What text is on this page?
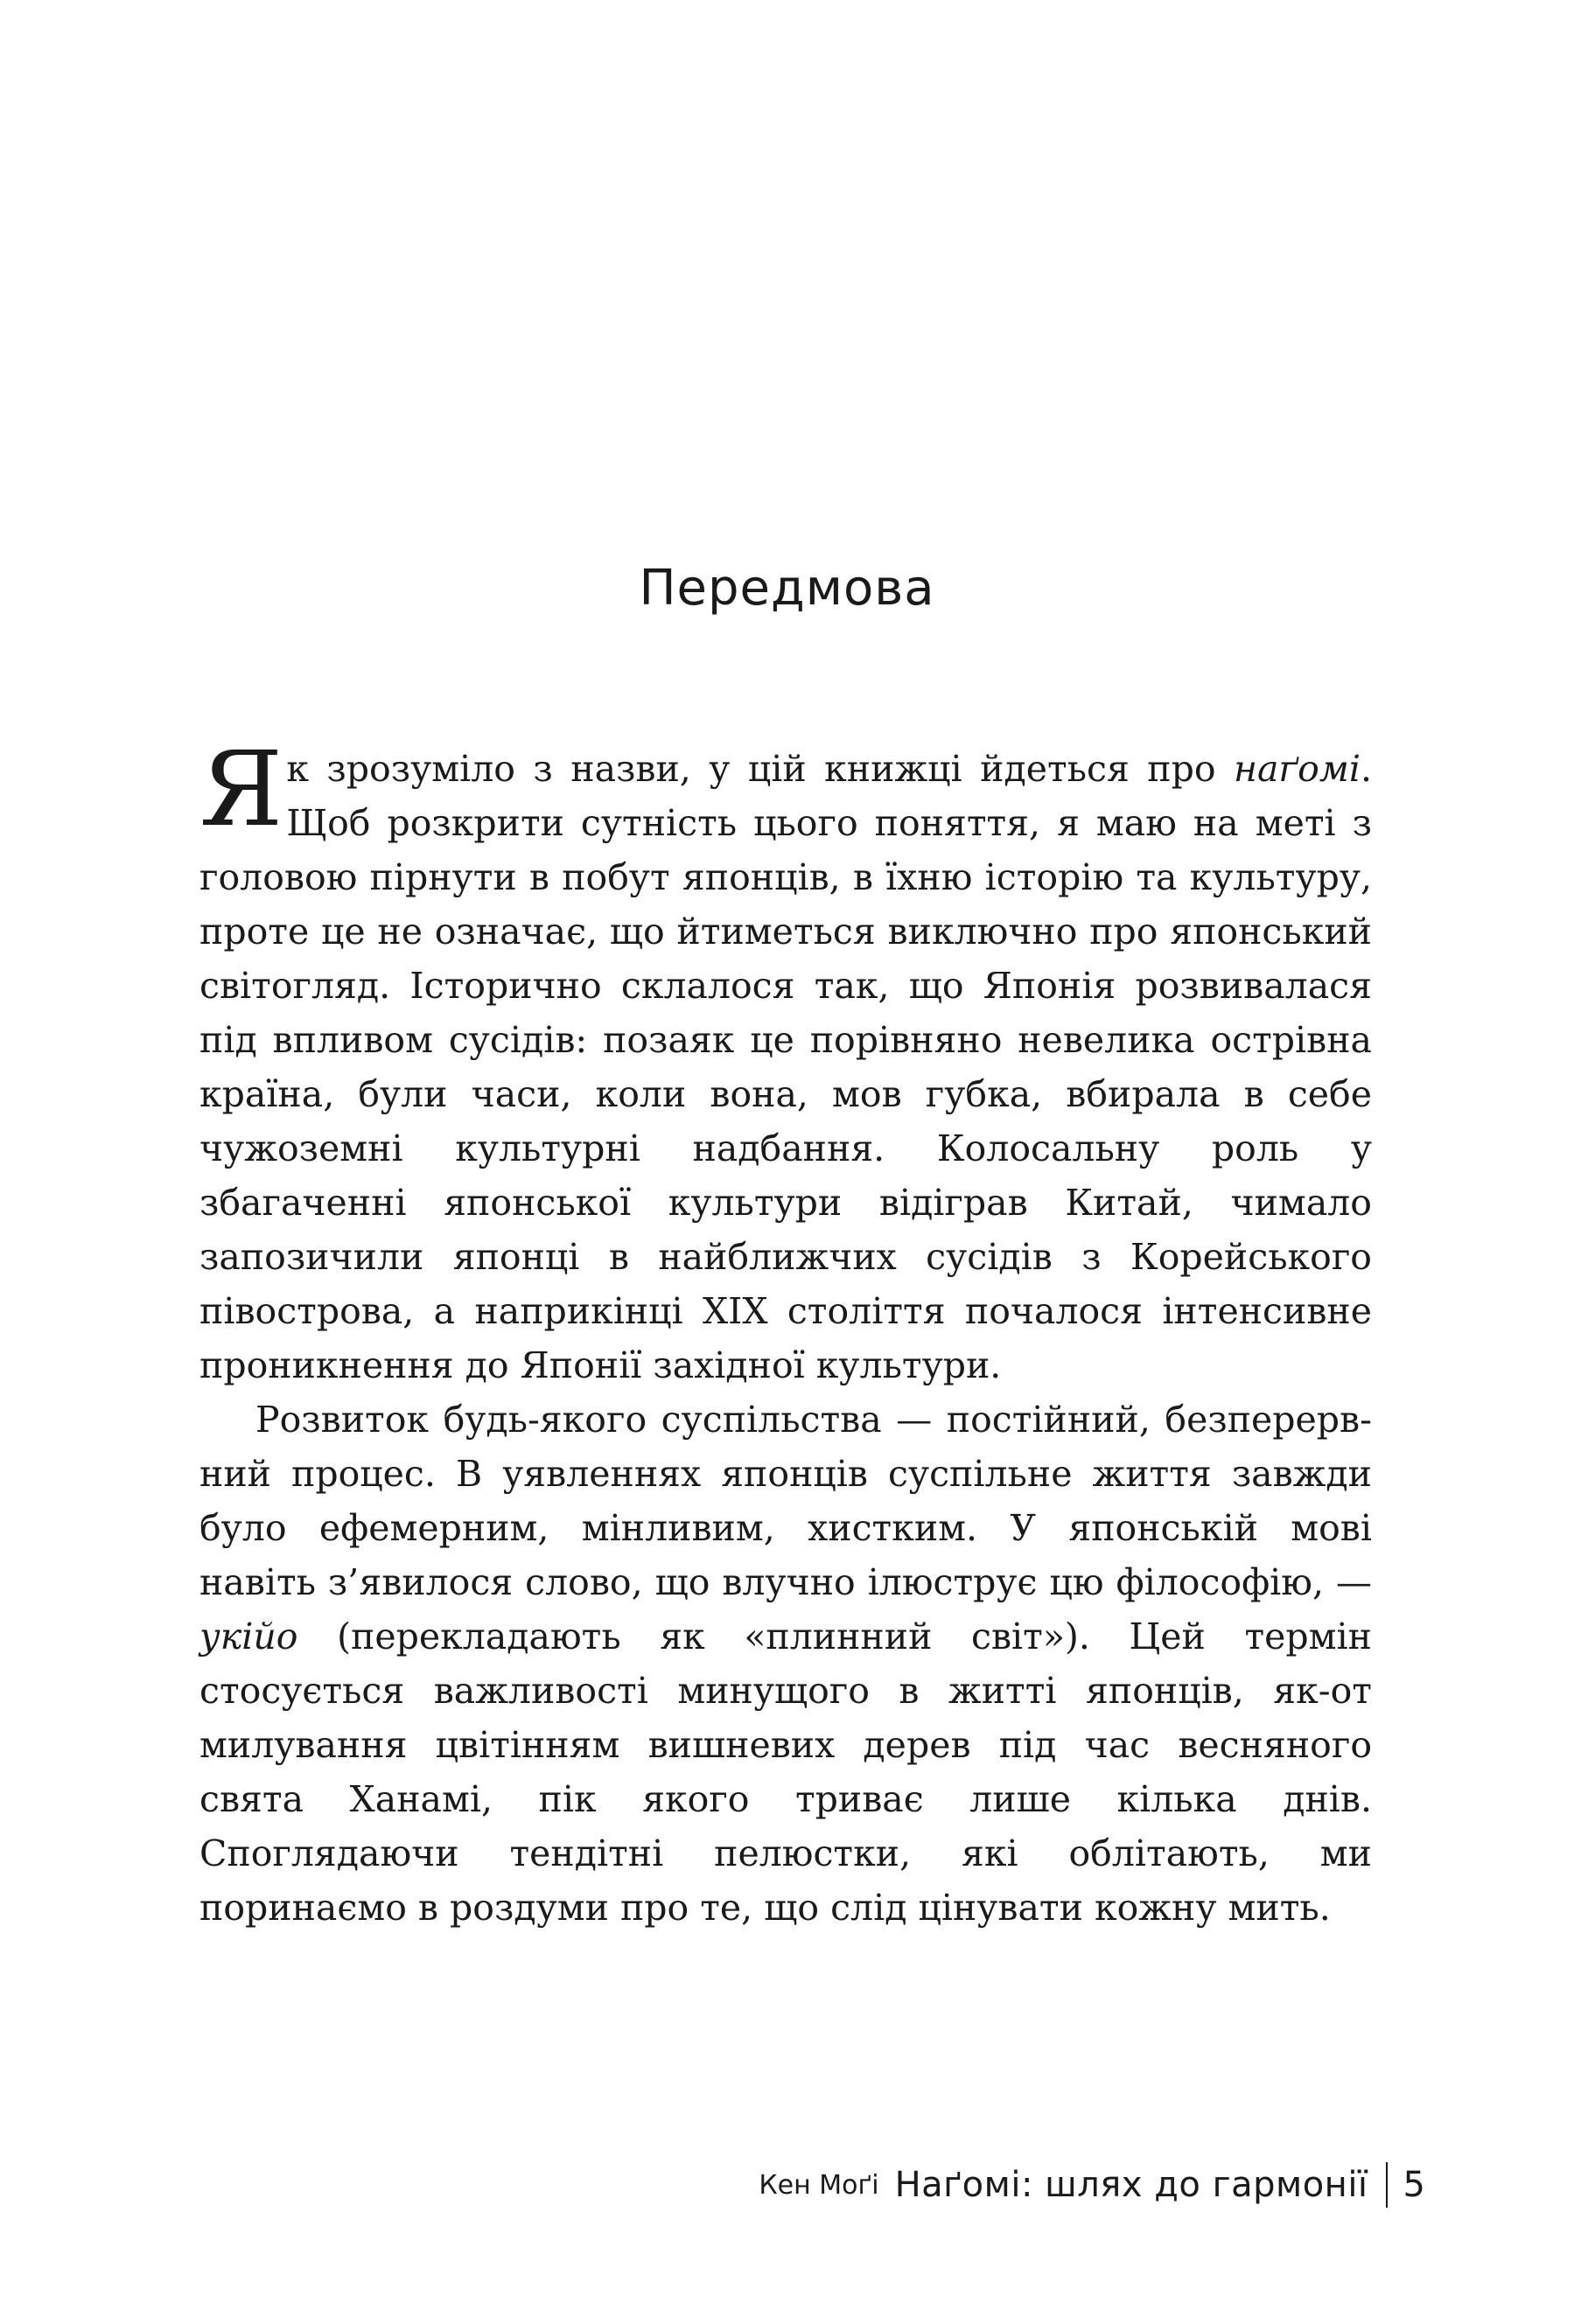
Передмова

Як зрозуміло з назви, у цій книжці йдеться про наґомі. Щоб розкрити сутність цього поняття, я маю на меті з головою пірнути в побут японців, в їхню історію та культуру, проте це не означає, що йтиметься виключно про японський світогляд. Історично склалося так, що Японія розвивалася під впливом сусідів: позаяк це порівняно невелика острівна країна, були часи, коли вона, мов губка, вбирала в себе чужоземні культурні надбання. Колосальну роль у збагаченні японської культури відіграв Китай, чимало запозичили японці в найближчих сусідів з Корейського півострова, а наприкінці XIX століття почалося інтенсивне проникнення до Японії західної культури.

Розвиток будь-якого суспільства — постійний, безперервний процес. В уявленнях японців суспільне життя завжди було ефемерним, мінливим, хистким. У японській мові навіть з’явилося слово, що влучно ілюструє цю філософію, — укійо (перекладають як «плинний світ»). Цей термін стосується важливості минущого в житті японців, як-от милування цвітінням вишневих дерев під час весняного свята Ханамі, пік якого триває лише кілька днів. Споглядаючи тендітні пелюстки, які облітають, ми поринаємо в роздуми про те, що слід цінувати кожну мить.

Кен Моґі Наґомі: шлях до гармонії 5
